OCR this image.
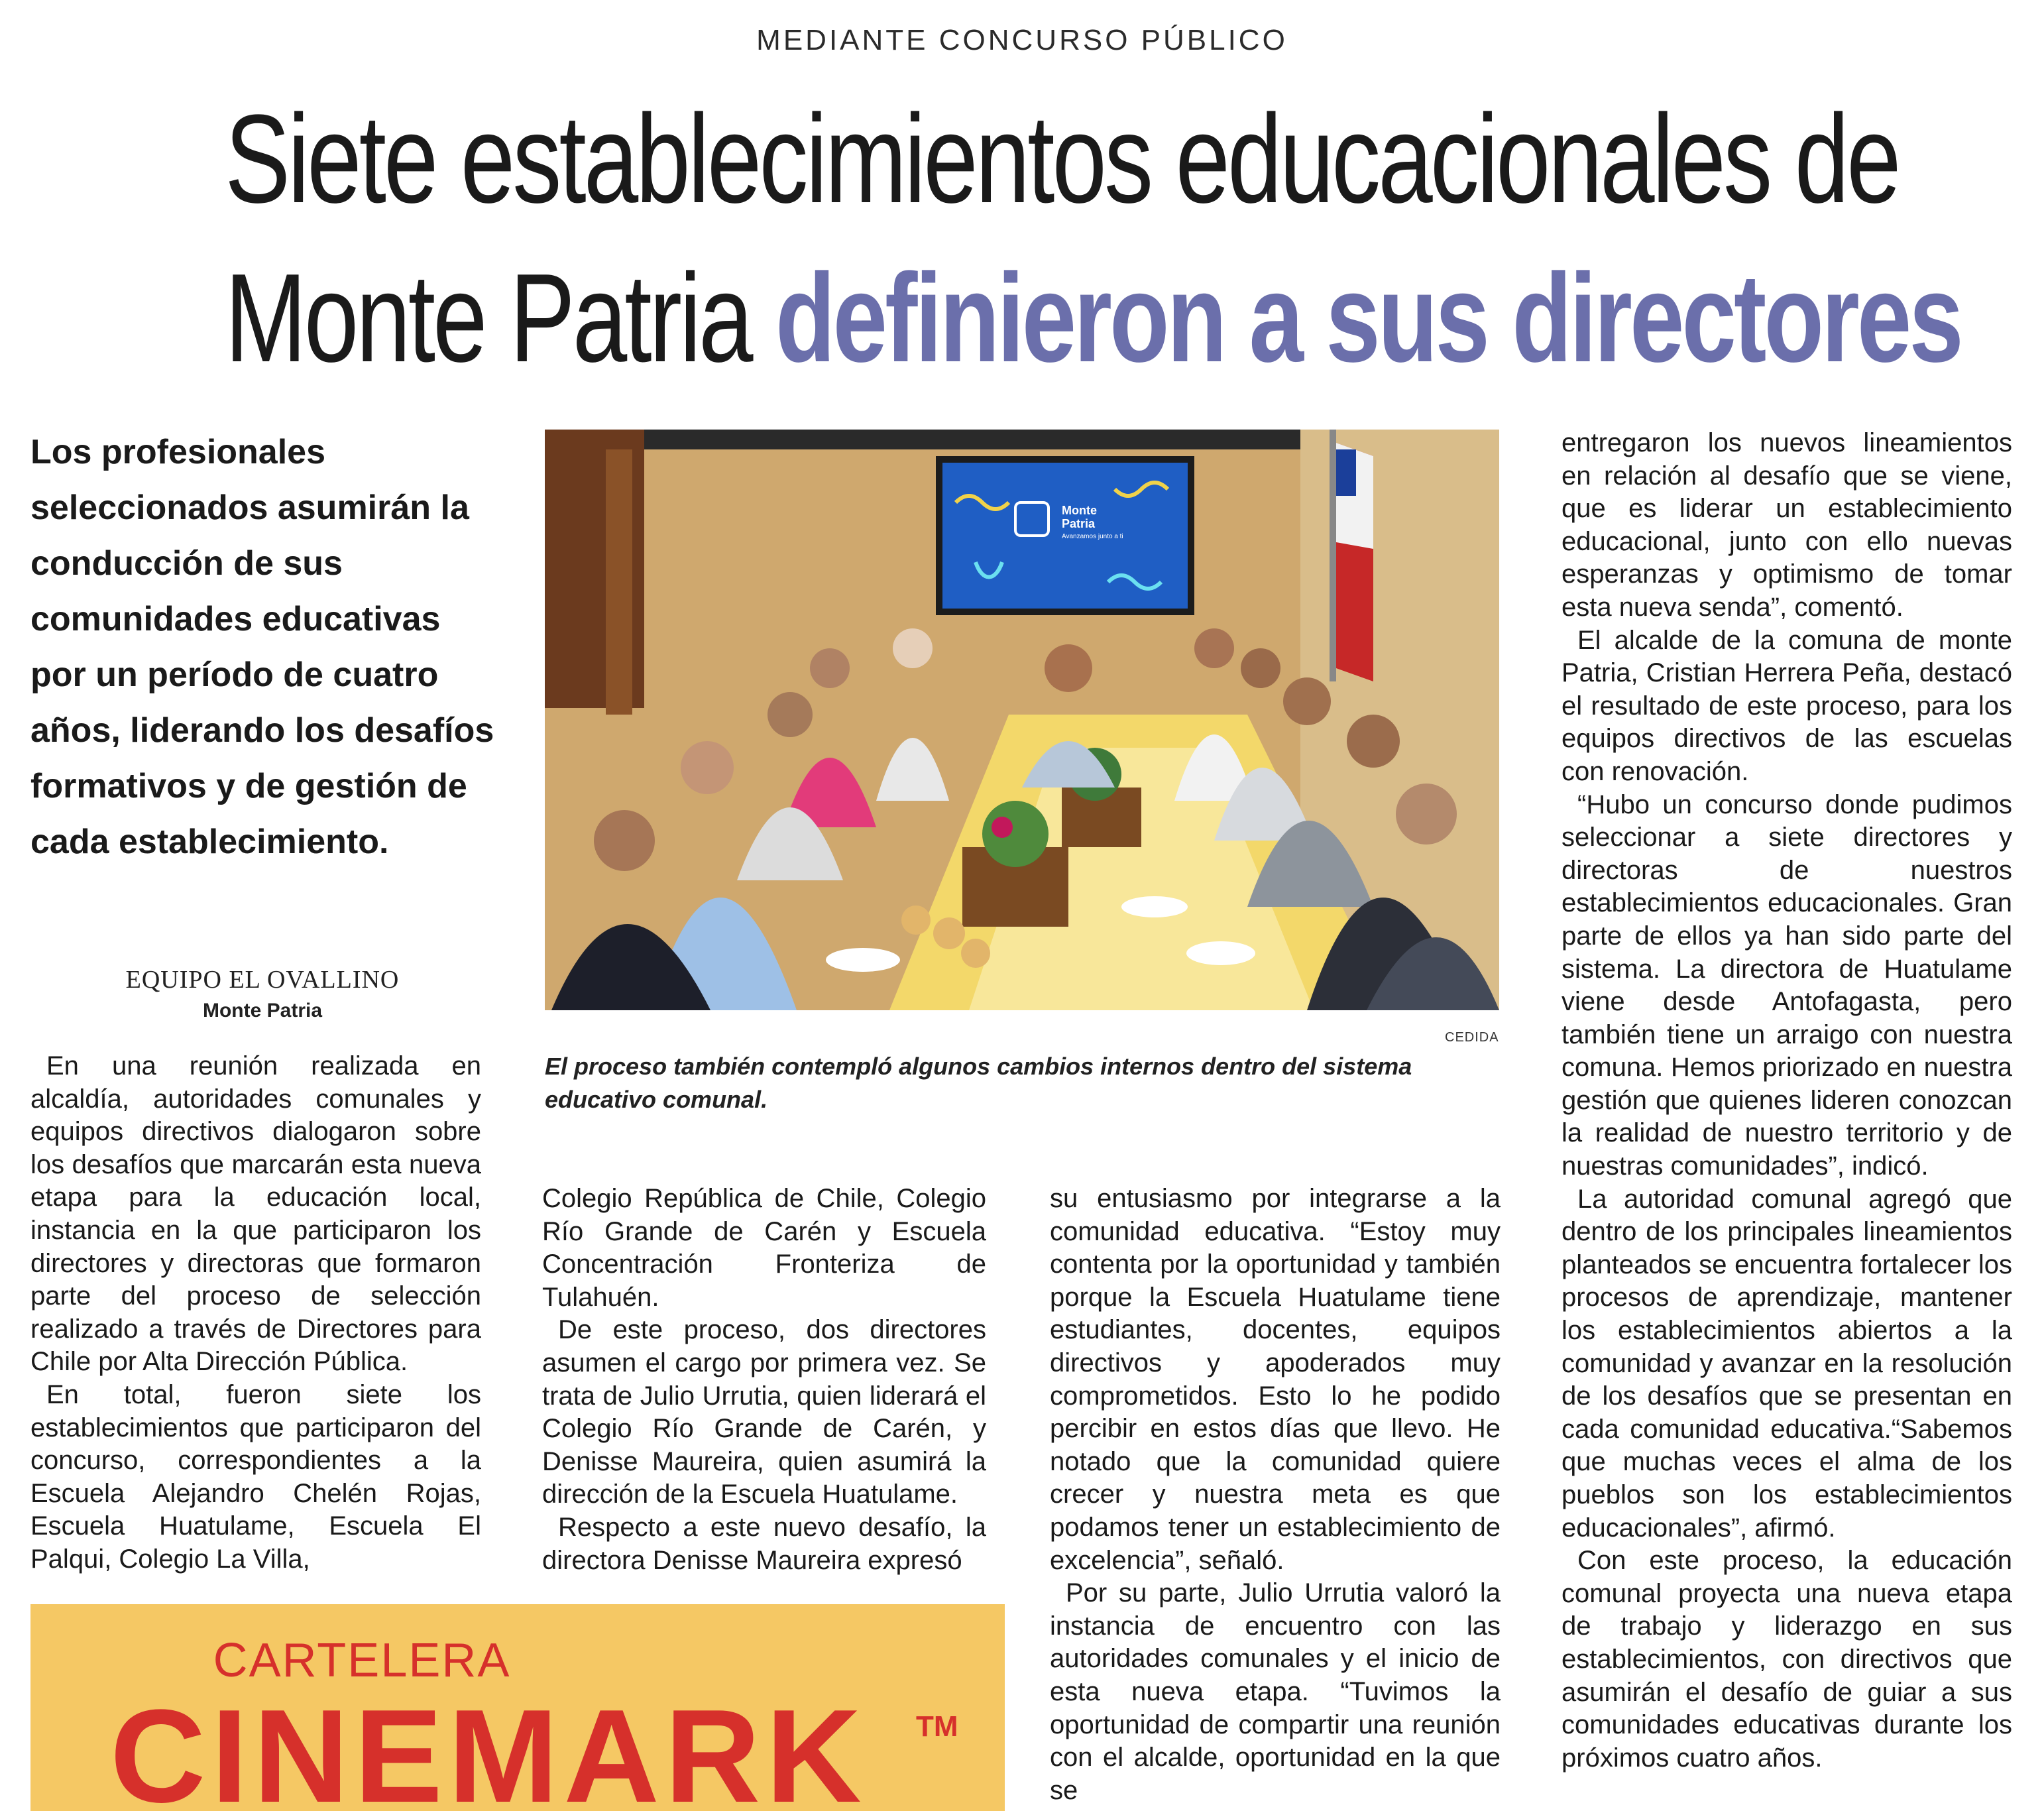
MEDIANTE CONCURSO PÚBLICO
Siete establecimientos educacionales de
Monte Patria definieron a sus directores
Los profesionales seleccionados asumirán la conducción de sus comunidades educativas por un período de cuatro años, liderando los desafíos formativos y de gestión de cada establecimiento.
EQUIPO EL OVALLINO
Monte Patria
Monte
Patria
Avanzamos junto a ti
CEDIDA
El proceso también contempló algunos cambios internos dentro del sistema educativo comunal.

En una reunión realizada en alcaldía, autoridades comunales y equipos directivos dialogaron sobre los desafíos que marcarán esta nueva etapa para la educación local, instancia en la que participaron los directores y directoras que formaron parte del proceso de selección realizado a través de Directores para Chile por Alta Dirección Pública.

En total, fueron siete los establecimientos que participaron del concurso, correspondientes a la Escuela Alejandro Chelén Rojas, Escuela Huatulame, Escuela El Palqui, Colegio La Villa,

Colegio República de Chile, Colegio Río Grande de Carén y Escuela Concentración Fronteriza de Tulahuén.

De este proceso, dos directores asumen el cargo por primera vez. Se trata de Julio Urrutia, quien liderará el Colegio Río Grande de Carén, y Denisse Maureira, quien asumirá la dirección de la Escuela Huatulame.

Respecto a este nuevo desafío, la directora Denisse Maureira expresó

su entusiasmo por integrarse a la comunidad educativa. “Estoy muy contenta por la oportunidad y también porque la Escuela Huatulame tiene estudiantes, docentes, equipos directivos y apoderados muy comprometidos. Esto lo he podido percibir en estos días que llevo. He notado que la comunidad quiere crecer y nuestra meta es que podamos tener un establecimiento de excelencia”, señaló.

Por su parte, Julio Urrutia valoró la instancia de encuentro con las autoridades comunales y el inicio de esta nueva etapa. “Tuvimos la oportunidad de compartir una reunión con el alcalde, oportunidad en la que se

entregaron los nuevos lineamientos en relación al desafío que se viene, que es liderar un establecimiento educacional, junto con ello nuevas esperanzas y optimismo de tomar esta nueva senda”, comentó.

El alcalde de la comuna de monte Patria, Cristian Herrera Peña, destacó el resultado de este proceso, para los equipos directivos de las escuelas con renovación.

“Hubo un concurso donde pudimos seleccionar a siete directores y directoras de nuestros establecimientos educacionales. Gran parte de ellos ya han sido parte del sistema. La directora de Huatulame viene desde Antofagasta, pero también tiene un arraigo con nuestra comuna. Hemos priorizado en nuestra gestión que quienes lideren conozcan la realidad de nuestro territorio y de nuestras comunidades”, indicó.

La autoridad comunal agregó que dentro de los principales lineamientos planteados se encuentra fortalecer los procesos de aprendizaje, mantener los establecimientos abiertos a la comunidad y avanzar en la resolución de los desafíos que se presentan en cada comunidad educativa.“Sabemos que muchas veces el alma de los pueblos son los establecimientos educacionales”, afirmó.

Con este proceso, la educación comunal proyecta una nueva etapa de trabajo y liderazgo en sus establecimientos, con directivos que asumirán el desafío de guiar a sus comunidades educativas durante los próximos cuatro años.

CARTELERA
CINEMARK TM
